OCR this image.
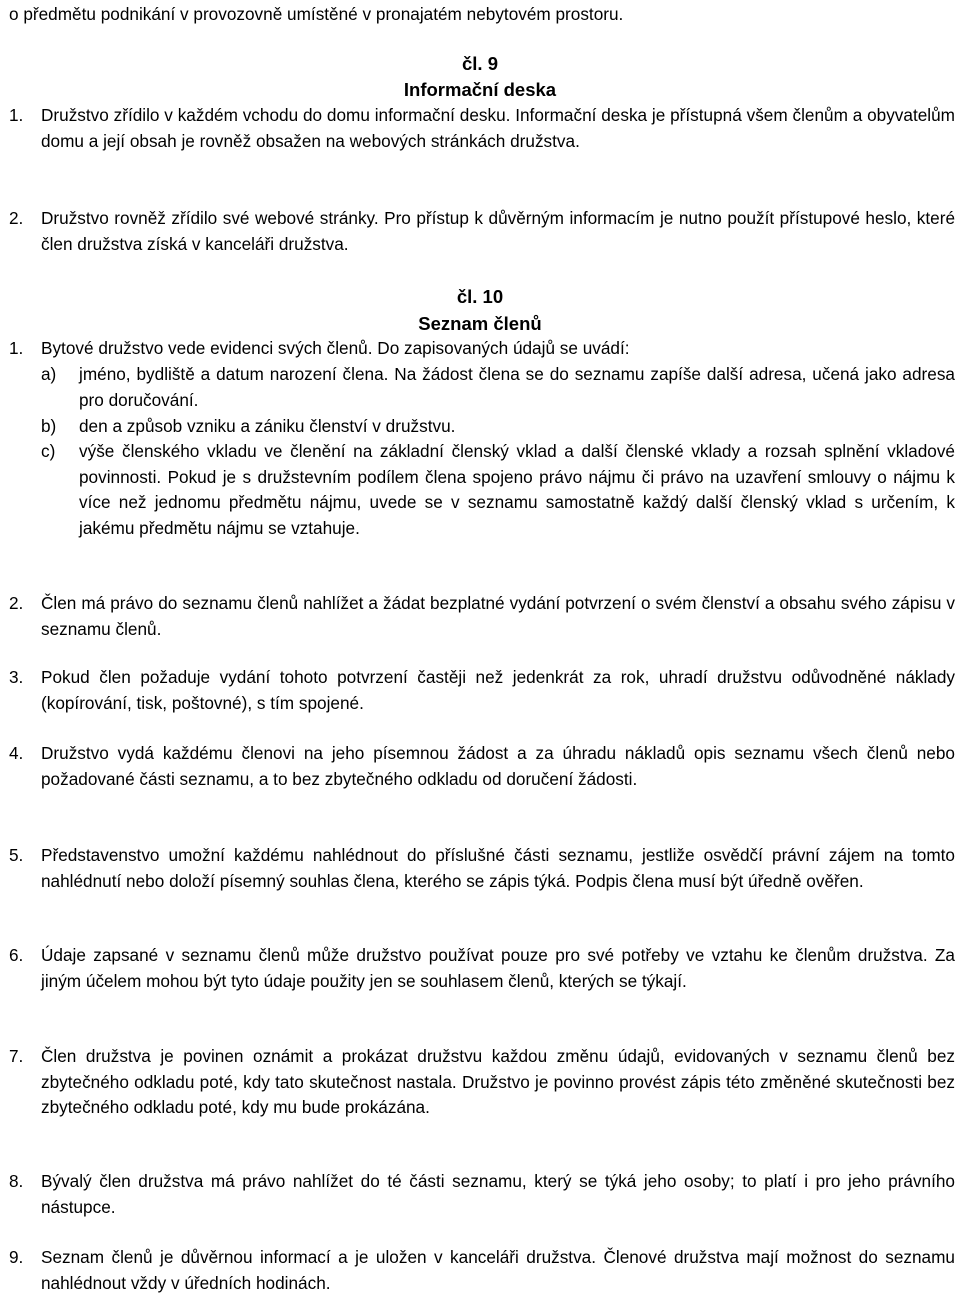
o předmětu podnikání v provozovně umístěné v pronajatém nebytovém prostoru.
čl. 9
Informační deska
1. Družstvo zřídilo v každém vchodu do domu informační desku. Informační deska je přístupná všem členům a obyvatelům domu a její obsah je rovněž obsažen na webových stránkách družstva.
2. Družstvo rovněž zřídilo své webové stránky. Pro přístup k důvěrným informacím je nutno použít přístupové heslo, které člen družstva získá v kanceláři družstva.
čl. 10
Seznam členů
1. Bytové družstvo vede evidenci svých členů. Do zapisovaných údajů se uvádí:
a) jméno, bydliště a datum narození člena. Na žádost člena se do seznamu zapíše další adresa, učená jako adresa pro doručování.
b) den a způsob vzniku a zániku členství v družstvu.
c) výše členského vkladu ve členění na základní členský vklad a další členské vklady a rozsah splnění vkladové povinnosti. Pokud je s družstevním podílem člena spojeno právo nájmu či právo na uzavření smlouvy o nájmu k více než jednomu předmětu nájmu, uvede se v seznamu samostatně každý další členský vklad s určením, k jakému předmětu nájmu se vztahuje.
2. Člen má právo do seznamu členů nahlížet a žádat bezplatné vydání potvrzení o svém členství a obsahu svého zápisu v seznamu členů.
3. Pokud člen požaduje vydání tohoto potvrzení častěji než jedenkrát za rok, uhradí družstvu odůvodněné náklady (kopírování, tisk, poštovné), s tím spojené.
4. Družstvo vydá každému členovi na jeho písemnou žádost a za úhradu nákladů opis seznamu všech členů nebo požadované části seznamu, a to bez zbytečného odkladu od doručení žádosti.
5. Představenstvo umožní každému nahlédnout do příslušné části seznamu, jestliže osvědčí právní zájem na tomto nahlédnutí nebo doloží písemný souhlas člena, kterého se zápis týká. Podpis člena musí být úředně ověřen.
6. Údaje zapsané v seznamu členů může družstvo používat pouze pro své potřeby ve vztahu ke členům družstva. Za jiným účelem mohou být tyto údaje použity jen se souhlasem členů, kterých se týkají.
7. Člen družstva je povinen oznámit a prokázat družstvu každou změnu údajů, evidovaných v seznamu členů bez zbytečného odkladu poté, kdy tato skutečnost nastala. Družstvo je povinno provést zápis této změněné skutečnosti bez zbytečného odkladu poté, kdy mu bude prokázána.
8. Bývalý člen družstva má právo nahlížet do té části seznamu, který se týká jeho osoby; to platí i pro jeho právního nástupce.
9. Seznam členů je důvěrnou informací a je uložen v kanceláři družstva. Členové družstva mají možnost do seznamu nahlédnout vždy v úředních hodinách.
